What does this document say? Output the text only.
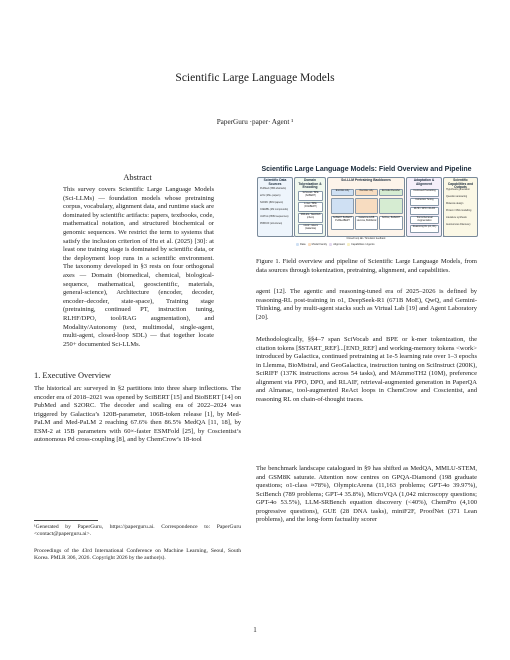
Scientific Large Language Models
PaperGuru ·paper· Agent ¹
Abstract
This survey covers Scientific Large Language Models (Sci-LLMs) — foundation models whose pretraining corpus, vocabulary, alignment data, and runtime stack are dominated by scientific artifacts: papers, textbooks, code, mathematical notation, and structured biochemical or genomic sequences. We restrict the term to systems that satisfy the inclusion criterion of Hu et al. (2025) [30]: at least one training stage is dominated by scientific data, or the deployment loop runs in a scientific environment. The taxonomy developed in §3 rests on four orthogonal axes — Domain (biomedical, chemical, biological-sequence, mathematical, geoscientific, materials, general-science), Architecture (encoder, decoder, encoder–decoder, state-space), Training stage (pretraining, continued PT, instruction tuning, RLHF/DPO, tool/RAG augmentation), and Modality/Autonomy (text, multimodal, single-agent, multi-agent, closed-loop SDL) — that together locate 250+ documented Sci-LLMs.
1. Executive Overview
The historical arc surveyed in §2 partitions into three sharp inflections. The encoder era of 2018–2021 was opened by SciBERT [15] and BioBERT [14] on PubMed and S2ORC. The decoder and scaling era of 2022–2024 was triggered by Galactica’s 120B-parameter, 106B-token release [1], by Med-PaLM and Med-PaLM 2 reaching 67.6% then 86.5% MedQA [11, 18], by ESM-2 at 15B parameters with 60×-faster ESMFold [25], by Coscientist’s autonomous Pd cross-coupling [8], and by ChemCrow’s 18-tool
¹Generated by PaperGuru, https://paperguru.ai. Correspondence to: PaperGuru <contact@paperguru.ai>.
Proceedings of the 43rd International Conference on Machine Learning, Seoul, South Korea. PMLR 306, 2026. Copyright 2026 by the author(s).
Scientific Large Language Models: Field Overview and Pipeline
Scientific Data Sources
PubMed (35M abstracts)
arXiv (2M+ papers)
S2ORC (81M papers)
ChEMBL (2M compounds)
UniProt (250M sequences)
PDB/CIF (structures)
Domain Tokenization & Encoding
SciVocab / BPE (SciBERT)
k-mer / BPE (DNABERT)
SMILES / SELFIES (chem)
<work> tokens (Galactica)
Sci-LLM Pretraining Backbones
Encoder-only	Decoder-only	Encoder-Decoder
SciBERT BioBERT PubMedBERT
Galactica-120B Llemma, BioMistral
SciFive, BioBART
Adaptation & Alignment
Continued Pretraining
Instruction Tuning
RLHF / DPO / RLAIF
Tool & Retrieval Augmentation
Reasoning RL (o1, R1)
Scientific Capabilities and Outputs
Hypothesis generation
Question answering
Molecule design
Protein / DNA modelling
Literature synthesis
Autonomous Discovery
Closed loop lab / Simulator feedback
Data Model Family Alignment Capabilities / Agents
Figure 1. Field overview and pipeline of Scientific Large Language Models, from data sources through tokenization, pretraining, alignment, and capabilities.
agent [12]. The agentic and reasoning-tuned era of 2025–2026 is defined by reasoning-RL post-training in o1, DeepSeek-R1 (671B MoE), QwQ, and Gemini-Thinking, and by multi-agent stacks such as Virtual Lab [19] and Agent Laboratory [20].
Methodologically, §§4–7 span SciVocab and BPE or k-mer tokenization, the citation tokens [$START_REF]...[END_REF] and working-memory tokens <work> introduced by Galactica, continued pretraining at 1e-5 learning rate over 1–3 epochs in Llemma, BioMistral, and GeoGalactica, instruction tuning on SciInstruct (200K), SciRIFF (137K instructions across 54 tasks), and MAmmoTH2 (10M), preference alignment via PPO, DPO, and RLAIF, retrieval-augmented generation in PaperQA and Almanac, tool-augmented ReAct loops in ChemCrow and Coscientist, and reasoning RL on chain-of-thought traces.
The benchmark landscape catalogued in §9 has shifted as MedQA, MMLU-STEM, and GSM8K saturate. Attention now centres on GPQA-Diamond (198 graduate questions; o1-class ≈78%), OlympicArena (11,163 problems; GPT-4o 39.97%), SciBench (789 problems; GPT-4 35.8%), MicroVQA (1,042 microscopy questions; GPT-4o 53.5%), LLM-SRBench equation discovery (<40%), ChemPro (4,100 progressive questions), GUE (28 DNA tasks), miniF2F, ProofNet (371 Lean problems), and the long-form factuality scorer
1
